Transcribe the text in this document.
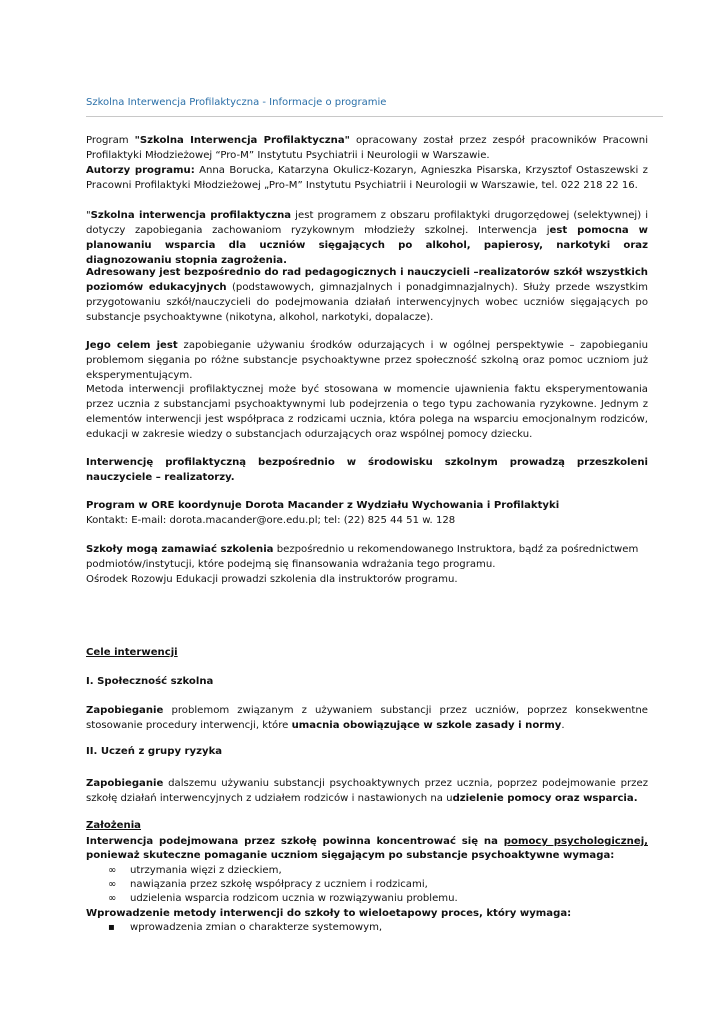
Szkolna Interwencja Profilaktyczna - Informacje o programie

Program "Szkolna Interwencja Profilaktyczna" opracowany został przez zespół pracowników Pracowni Profilaktyki Młodzieżowej “Pro-M” Instytutu Psychiatrii i Neurologii w Warszawie.
Autorzy programu: Anna Borucka, Katarzyna Okulicz-Kozaryn, Agnieszka Pisarska, Krzysztof Ostaszewski z Pracowni Profilaktyki Młodzieżowej „Pro-M” Instytutu Psychiatrii i Neurologii w Warszawie, tel. 022 218 22 16.

"Szkolna interwencja profilaktyczna jest programem z obszaru profilaktyki drugorzędowej (selektywnej) i dotyczy zapobiegania zachowaniom ryzykownym młodzieży szkolnej. Interwencja jest pomocna w planowaniu wsparcia dla uczniów sięgających po alkohol, papierosy, narkotyki oraz diagnozowaniu stopnia zagrożenia.

Adresowany jest bezpośrednio do rad pedagogicznych i nauczycieli –realizatorów szkół wszystkich poziomów edukacyjnych (podstawowych, gimnazjalnych i ponadgimnazjalnych). Służy przede wszystkim przygotowaniu szkół/nauczycieli do podejmowania działań interwencyjnych wobec uczniów sięgających po substancje psychoaktywne (nikotyna, alkohol, narkotyki, dopalacze).

Jego celem jest zapobieganie używaniu środków odurzających i w ogólnej perspektywie – zapobieganiu problemom sięgania po różne substancje psychoaktywne przez społeczność szkolną oraz pomoc uczniom już eksperymentującym.

Metoda interwencji profilaktycznej może być stosowana w momencie ujawnienia faktu eksperymentowania przez ucznia z substancjami psychoaktywnymi lub podejrzenia o tego typu zachowania ryzykowne. Jednym z elementów interwencji jest współpraca z rodzicami ucznia, która polega na wsparciu emocjonalnym rodziców, edukacji w zakresie wiedzy o substancjach odurzających oraz wspólnej pomocy dziecku.

Interwencję profilaktyczną bezpośrednio w środowisku szkolnym prowadzą przeszkoleni nauczyciele – realizatorzy.

Program w ORE koordynuje Dorota Macander z Wydziału Wychowania i Profilaktyki
Kontakt: E-mail: dorota.macander@ore.edu.pl; tel: (22) 825 44 51 w. 128

Szkoły mogą zamawiać szkolenia bezpośrednio u rekomendowanego Instruktora, bądź za pośrednictwem podmiotów/instytucji, które podejmą się finansowania wdrażania tego programu.
Ośrodek Rozowju Edukacji prowadzi szkolenia dla instruktorów programu.

Cele interwencji
I. Społeczność szkolna

Zapobieganie problemom związanym z używaniem substancji przez uczniów, poprzez konsekwentne stosowanie procedury interwencji, które umacnia obowiązujące w szkole zasady i normy.

II. Uczeń z grupy ryzyka

Zapobieganie dalszemu używaniu substancji psychoaktywnych przez ucznia, poprzez podejmowanie przez szkołę działań interwencyjnych z udziałem rodziców i nastawionych na udzielenie pomocy oraz wsparcia.

Założenia

Interwencja podejmowana przez szkołę powinna koncentrować się na pomocy psychologicznej, ponieważ skuteczne pomaganie uczniom sięgającym po substancje psychoaktywne wymaga:

∞ utrzymania więzi z dzieckiem,
∞ nawiązania przez szkołę współpracy z uczniem i rodzicami,
∞ udzielenia wsparcia rodzicom ucznia w rozwiązywaniu problemu.

Wprowadzenie metody interwencji do szkoły to wieloetapowy proces, który wymaga:

▪ wprowadzenia zmian o charakterze systemowym,
